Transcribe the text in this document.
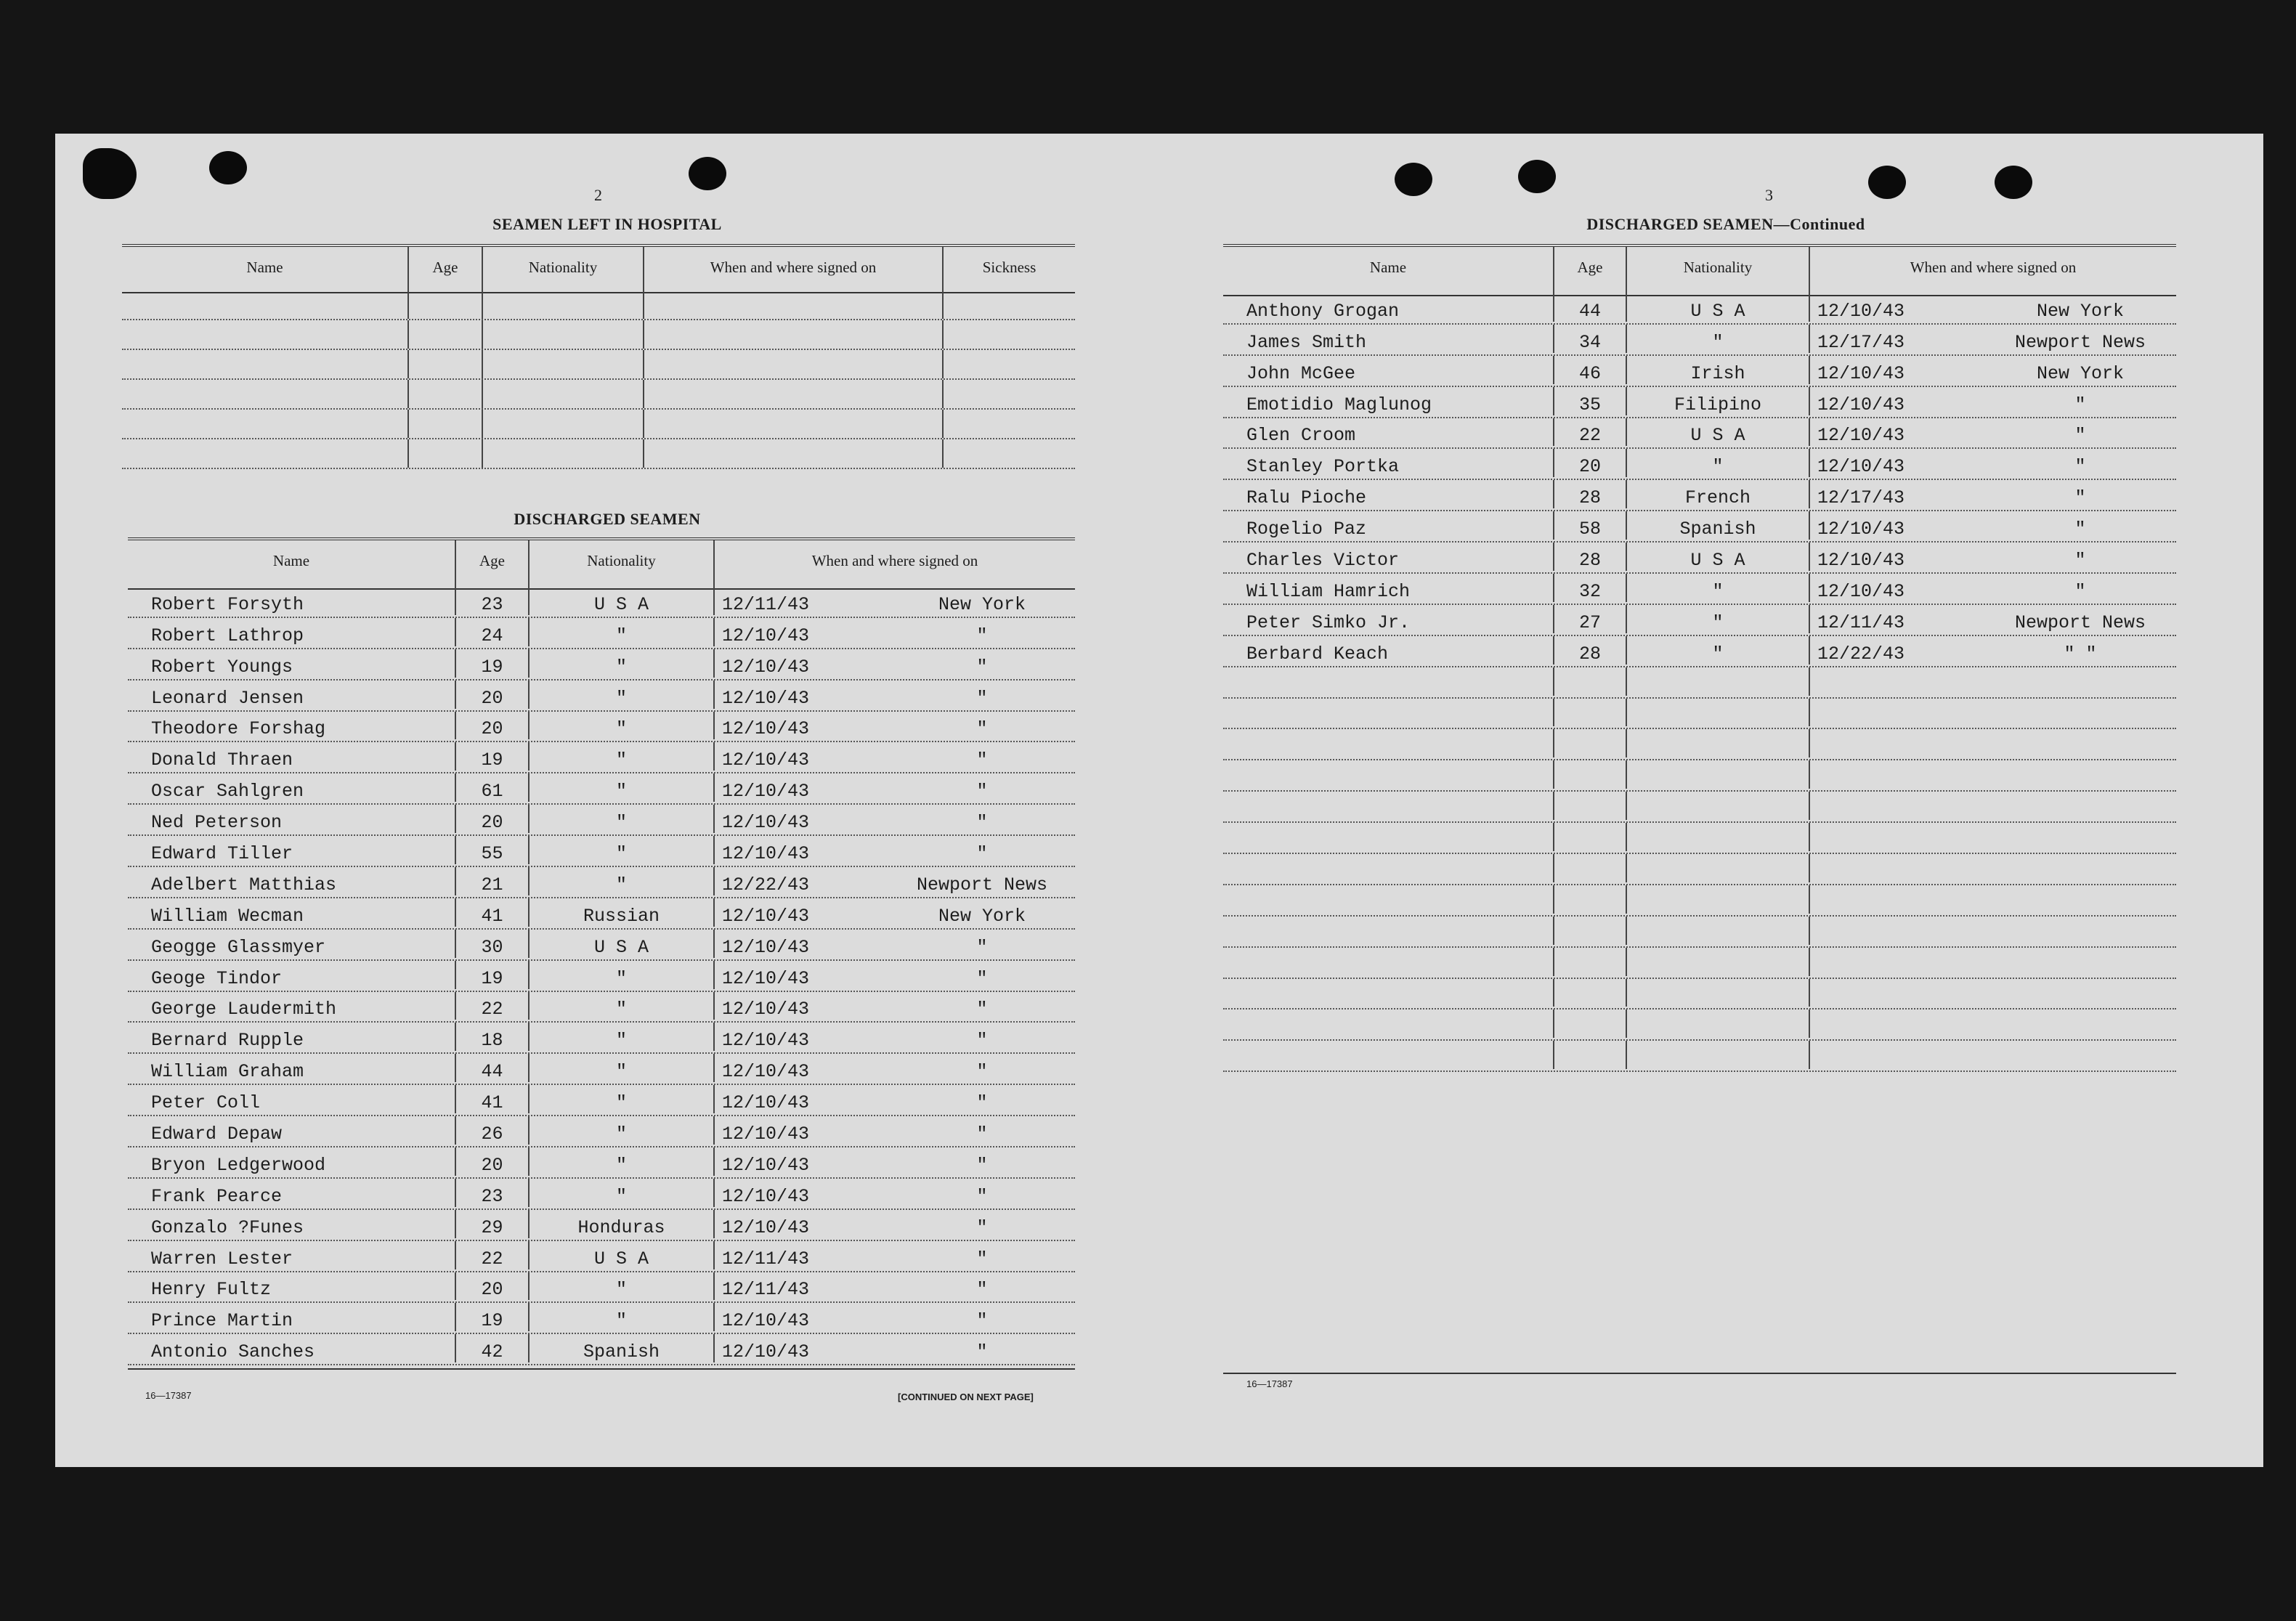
2
SEAMEN LEFT IN HOSPITAL
Name	Age	Nationality	When and where signed on	Sickness
DISCHARGED SEAMEN
Name	Age	Nationality	When and where signed on
Robert Forsyth	23	U S A	12/11/43	New York
Robert Lathrop	24	"	12/10/43	"
Robert Youngs	19	"	12/10/43	"
Leonard Jensen	20	"	12/10/43	"
Theodore Forshag	20	"	12/10/43	"
Donald Thraen	19	"	12/10/43	"
Oscar Sahlgren	61	"	12/10/43	"
Ned Peterson	20	"	12/10/43	"
Edward Tiller	55	"	12/10/43	"
Adelbert Matthias	21	"	12/22/43	Newport News
William Wecman	41	Russian	12/10/43	New York
Geogge Glassmyer	30	U S A	12/10/43	"
Geoge Tindor	19	"	12/10/43	"
George Laudermith	22	"	12/10/43	"
Bernard Rupple	18	"	12/10/43	"
William Graham	44	"	12/10/43	"
Peter Coll	41	"	12/10/43	"
Edward Depaw	26	"	12/10/43	"
Bryon Ledgerwood	20	"	12/10/43	"
Frank Pearce	23	"	12/10/43	"
Gonzalo ?Funes	29	Honduras	12/10/43	"
Warren Lester	22	U S A	12/11/43	"
Henry Fultz	20	"	12/11/43	"
Prince Martin	19	"	12/10/43	"
Antonio Sanches	42	Spanish	12/10/43	"
16—17387	[CONTINUED ON NEXT PAGE]
3
DISCHARGED SEAMEN—Continued
Name	Age	Nationality	When and where signed on
Anthony Grogan	44	U S A	12/10/43	New York
James Smith	34	"	12/17/43	Newport News
John McGee	46	Irish	12/10/43	New York
Emotidio Maglunog	35	Filipino	12/10/43	"
Glen Croom	22	U S A	12/10/43	"
Stanley Portka	20	"	12/10/43	"
Ralu Pioche	28	French	12/17/43	"
Rogelio Paz	58	Spanish	12/10/43	"
Charles Victor	28	U S A	12/10/43	"
William Hamrich	32	"	12/10/43	"
Peter Simko Jr.	27	"	12/11/43	Newport News
Berbard Keach	28	"	12/22/43	" "
16—17387
